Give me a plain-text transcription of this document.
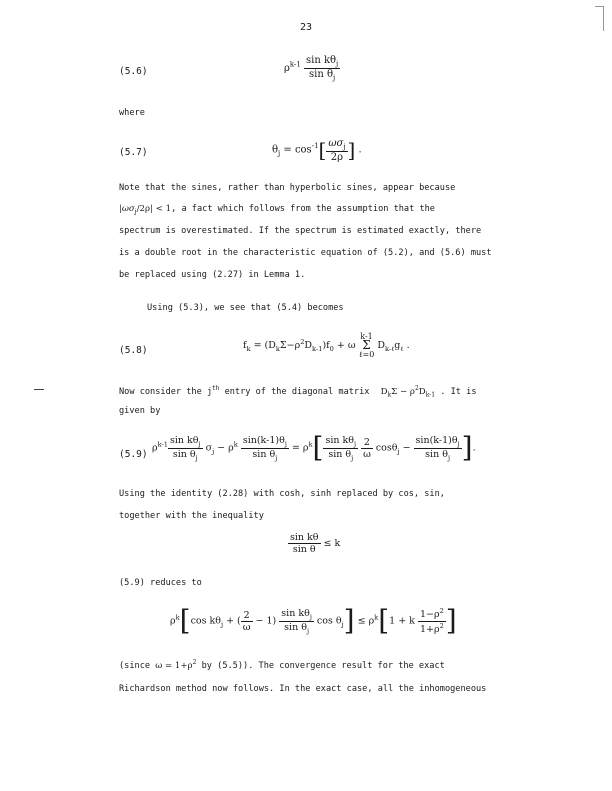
23
(5.6)	$\rho^{k-1} \frac{\sin k\theta_j}{\sin \theta_j}$
where
(5.7)	$\theta_j = \cos^{-1}[ \frac{\omega\sigma_j}{2\rho}$ ] .
Note that the sines, rather than hyperbolic sines, appear because
$|\omega\sigma_j/2\rho| < 1$, a fact which follows from the assumption that the
spectrum is overestimated. If the spectrum is estimated exactly, there
is a double root in the characteristic equation of (5.2), and (5.6) must
be replaced using (2.27) in Lemma 1.
Using (5.3), we see that (5.4) becomes
(5.8)	$f_k = (D_k\Sigma-\rho^2D_{k-1})f_0 + \omega$ k-1
Σ
ℓ=0 $D_{k-\ell}g_\ell$ .
Now consider the $j^{th}$ entry of the diagonal matrix $D_k\Sigma - \rho^2D_{k-1}$ . It is
given by
(5.9)
$\rho^{k-1} \frac{\sin k\theta_j}{\sin \theta_j} \sigma_j - \rho^k \frac{\sin(k-1)\theta_j}{\sin \theta_j} = \rho^k[ \frac{\sin k\theta_j}{\sin \theta_j}$
$\frac{2}{\omega} \cos\theta_j - \frac{\sin(k-1)\theta_j}{\sin \theta_j}$ ].
Using the identity (2.28) with cosh, sinh replaced by cos, sin,
together with the inequality
$\frac{\text{sin kθ}}{\text{sin θ}} \le k$
(5.9) reduces to
$\rho^k[\cos$ $k\theta_j$ + ( $\frac{2}{\omega} - 1) \frac{\sin k\theta_j}{\sin \theta_j}$ $\cos \theta_j] \le \rho^k[1 + k \frac{1-\rho^2}{1+\rho^2}$ ]
(since $\omega = 1+\rho^2$ by (5.5)). The convergence result for the exact
Richardson method now follows. In the exact case, all the inhomogeneous
